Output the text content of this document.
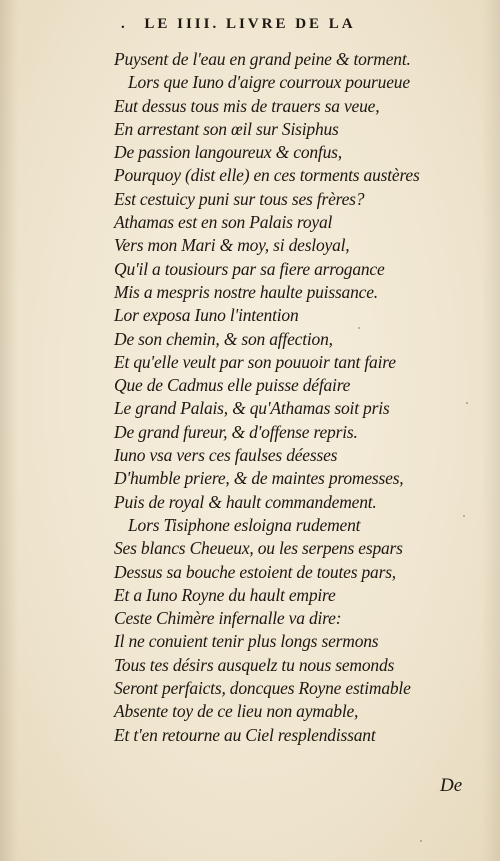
. LE IIII. LIVRE DE LA
Puysent de l'eau en grand peine & torment.
Lors que Iuno d'aigre courroux pourueue
Eut dessus tous mis de trauers sa veue,
En arrestant son œil sur Sisiphus
De passion langoureux & confus,
Pourquoy (dist elle) en ces torments austères
Est cestuicy puni sur tous ses frères?
Athamas est en son Palais royal
Vers mon Mari & moy, si desloyal,
Qu'il a tousiours par sa fiere arrogance
Mis a mespris nostre haulte puissance.
Lor exposa Iuno l'intention
De son chemin, & son affection,
Et qu'elle veult par son pouuoir tant faire
Que de Cadmus elle puisse défaire
Le grand Palais, & qu'Athamas soit pris
De grand fureur, & d'offense repris.
Iuno vsa vers ces faulses déesses
D'humble priere, & de maintes promesses,
Puis de royal & hault commandement.
Lors Tisiphone esloigna rudement
Ses blancs Cheueux, ou les serpens espars
Dessus sa bouche estoient de toutes pars,
Et a Iuno Royne du hault empire
Ceste Chimère infernalle va dire:
Il ne conuient tenir plus longs sermons
Tous tes désirs ausquelz tu nous semonds
Seront perfaicts, doncques Royne estimable
Absente toy de ce lieu non aymable,
Et t'en retourne au Ciel resplendissant
De
